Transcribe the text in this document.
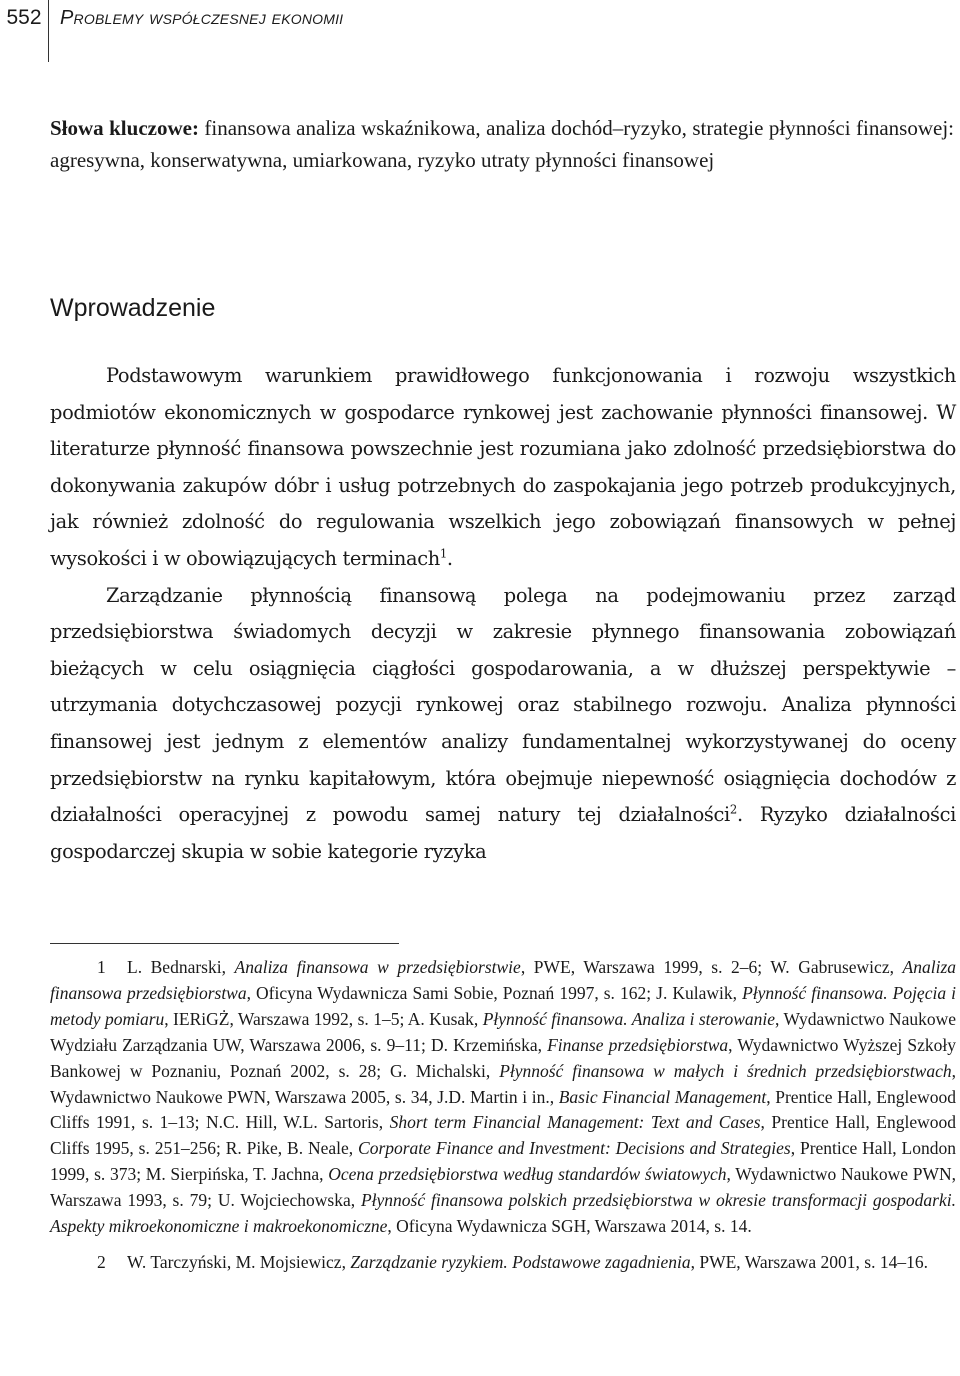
552 Problemy współczesnej ekonomii
Słowa kluczowe: finansowa analiza wskaźnikowa, analiza dochód–ryzyko, strategie płynności finansowej: agresywna, konserwatywna, umiarkowana, ryzyko utraty płynności finansowej
Wprowadzenie

Podstawowym warunkiem prawidłowego funkcjonowania i rozwoju wszystkich podmiotów ekonomicznych w gospodarce rynkowej jest zachowanie płynności finansowej. W literaturze płynność finansowa powszechnie jest rozumiana jako zdolność przedsiębiorstwa do dokonywania zakupów dóbr i usług potrzebnych do zaspokajania jego potrzeb produkcyjnych, jak również zdolność do regulowania wszelkich jego zobowiązań finansowych w pełnej wysokości i w obowiązujących terminach$^1$.

Zarządzanie płynnością finansową polega na podejmowaniu przez zarząd przedsiębiorstwa świadomych decyzji w zakresie płynnego finansowania zobowiązań bieżących w celu osiągnięcia ciągłości gospodarowania, a w dłuższej perspektywie – utrzymania dotychczasowej pozycji rynkowej oraz stabilnego rozwoju. Analiza płynności finansowej jest jednym z elementów analizy fundamentalnej wykorzystywanej do oceny przedsiębiorstw na rynku kapitałowym, która obejmuje niepewność osiągnięcia dochodów z działalności operacyjnej z powodu samej natury tej działalności$^2$. Ryzyko działalności gospodarczej skupia w sobie kategorie ryzyka

1 L. Bednarski, Analiza finansowa w przedsiębiorstwie, PWE, Warszawa 1999, s. 2–6; W. Gabrusewicz, Analiza finansowa przedsiębiorstwa, Oficyna Wydawnicza Sami Sobie, Poznań 1997, s. 162; J. Kulawik, Płynność finansowa. Pojęcia i metody pomiaru, IERiGŻ, Warszawa 1992, s. 1–5; A. Kusak, Płynność finansowa. Analiza i sterowanie, Wydawnictwo Naukowe Wydziału Zarządzania UW, Warszawa 2006, s. 9–11; D. Krzemińska, Finanse przedsiębiorstwa, Wydawnictwo Wyższej Szkoły Bankowej w Poznaniu, Poznań 2002, s. 28; G. Michalski, Płynność finansowa w małych i średnich przedsiębiorstwach, Wydawnictwo Naukowe PWN, Warszawa 2005, s. 34, J.D. Martin i in., Basic Financial Management, Prentice Hall, Englewood Cliffs 1991, s. 1–13; N.C. Hill, W.L. Sartoris, Short term Financial Management: Text and Cases, Prentice Hall, Englewood Cliffs 1995, s. 251–256; R. Pike, B. Neale, Corporate Finance and Investment: Decisions and Strategies, Prentice Hall, London 1999, s. 373; M. Sierpińska, T. Jachna, Ocena przedsiębiorstwa według standardów światowych, Wydawnictwo Naukowe PWN, Warszawa 1993, s. 79; U. Wojciechowska, Płynność finansowa polskich przedsiębiorstwa w okresie transformacji gospodarki. Aspekty mikroekonomiczne i makroekonomiczne, Oficyna Wydawnicza SGH, Warszawa 2014, s. 14.

2 W. Tarczyński, M. Mojsiewicz, Zarządzanie ryzykiem. Podstawowe zagadnienia, PWE, Warszawa 2001, s. 14–16.
